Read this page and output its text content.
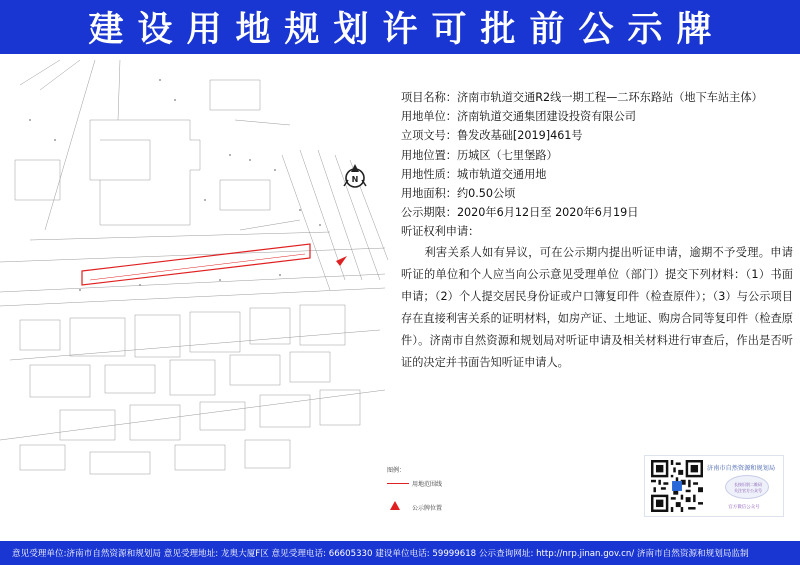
建设用地规划许可批前公示牌
N
项目名称：济南市轨道交通R2线一期工程—二环东路站（地下车站主体）
用地单位：济南轨道交通集团建设投资有限公司
立项文号：鲁发改基础[2019]461号
用地位置：历城区（七里堡路）
用地性质：城市轨道交通用地
用地面积：约0.50公顷
公示期限：2020年6月12日至 2020年6月19日
听证权利申请：
利害关系人如有异议，可在公示期内提出听证申请，逾期不予受理。申请听证的单位和个人应当向公示意见受理单位（部门）提交下列材料：（1）书面申请；（2）个人提交居民身份证或户口簿复印件（检查原件）；（3）与公示项目存在直接利害关系的证明材料，如房产证、土地证、购房合同等复印件（检查原件）。济南市自然资源和规划局对听证申请及相关材料进行审查后，作出是否听证的决定并书面告知听证申请人。
图例：
用地范围线
公示牌位置
济南市自然资源和规划局
长按识别二维码
关注官方公众号
官方微信公众号
意见受理单位:济南市自然资源和规划局 意见受理地址: 龙奥大厦F区 意见受理电话: 66605330 建设单位电话: 59999618 公示查询网址: http://nrp.jinan.gov.cn/ 济南市自然资源和规划局监制
